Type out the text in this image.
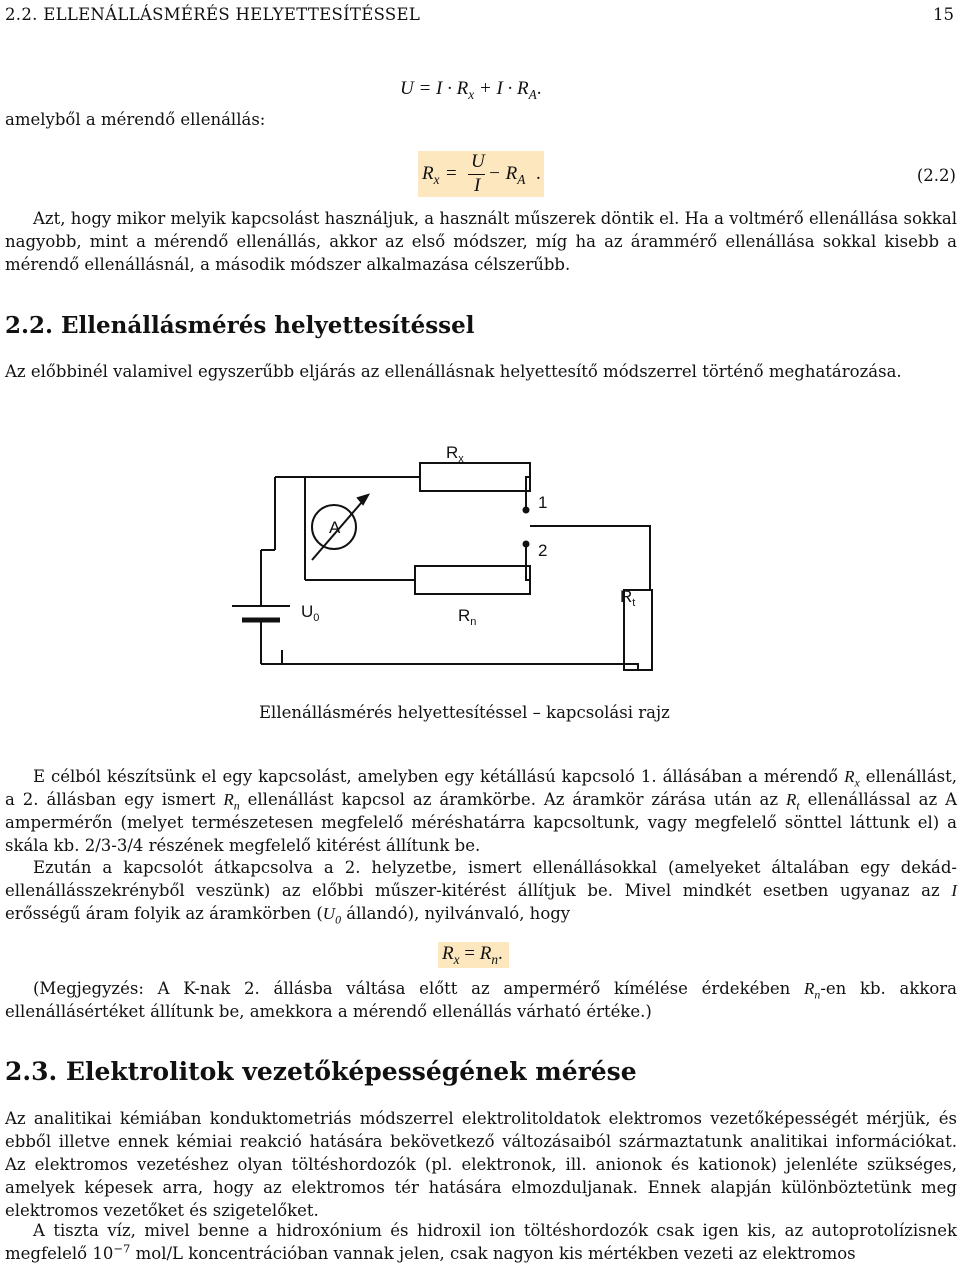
2.2. ELLENÁLLÁSMÉRÉS HELYETTESÍTÉSSEL	15
amelyből a mérendő ellenállás:
$U = I \cdot R_x + I \cdot R_A$.
$R_x$ =
U
I
− $R_A$ .	(2.2)
Azt, hogy mikor melyik kapcsolást használjuk, a használt műszerek döntik el. Ha a voltmérő ellenállása sokkal nagyobb, mint a mérendő ellenállás, akkor az első módszer, míg ha az árammérő ellenállása sokkal kisebb a mérendő ellenállásnál, a második módszer alkalmazása célszerűbb.
2.2. Ellenállásmérés helyettesítéssel
Az előbbinél valamivel egyszerűbb eljárás az ellenállásnak helyettesítő módszerrel történő meghatározása.
$R_x$
$R_n$
$R_t$
A
$U_0$
1
2
Ellenállásmérés helyettesítéssel – kapcsolási rajz
E célból készítsünk el egy kapcsolást, amelyben egy kétállású kapcsoló 1. állásában a mérendő $R_x$ ellenállást, a 2. állásban egy ismert $R_n$ ellenállást kapcsol az áramkörbe. Az áramkör zárása után az $R_t$ ellenállással az A ampermérőn (melyet természetesen megfelelő méréshatárra kapcsoltunk, vagy megfelelő sönttel láttunk el) a skála kb. 2/3-3/4 részének megfelelő kitérést állítunk be.
Ezután a kapcsolót átkapcsolva a 2. helyzetbe, ismert ellenállásokkal (amelyeket általában egy dekád-ellenállásszekrényből veszünk) az előbbi műszer-kitérést állítjuk be. Mivel mindkét esetben ugyanaz az I erősségű áram folyik az áramkörben ($U_0$ állandó), nyilvánvaló, hogy
$R_x = R_n$.
(Megjegyzés: A K-nak 2. állásba váltása előtt az ampermérő kímélése érdekében $R_n-en$ kb. akkora ellenállásértéket állítunk be, amekkora a mérendő ellenállás várható értéke.)
2.3. Elektrolitok vezetőképességének mérése
Az analitikai kémiában konduktometriás módszerrel elektrolitoldatok elektromos vezetőképességét mérjük, és ebből illetve ennek kémiai reakció hatására bekövetkező változásaiból származtatunk analitikai információkat. Az elektromos vezetéshez olyan töltéshordozók (pl. elektronok, ill. anionok és kationok) jelenléte szükséges, amelyek képesek arra, hogy az elektromos tér hatására elmozduljanak. Ennek alapján különböztetünk meg elektromos vezetőket és szigetelőket.
A tiszta víz, mivel benne a hidroxónium és hidroxil ion töltéshordozók csak igen kis, az autoprotolízisnek megfelelő $10^{-7}$ mol/L koncentrációban vannak jelen, csak nagyon kis mértékben vezeti az elektromos
